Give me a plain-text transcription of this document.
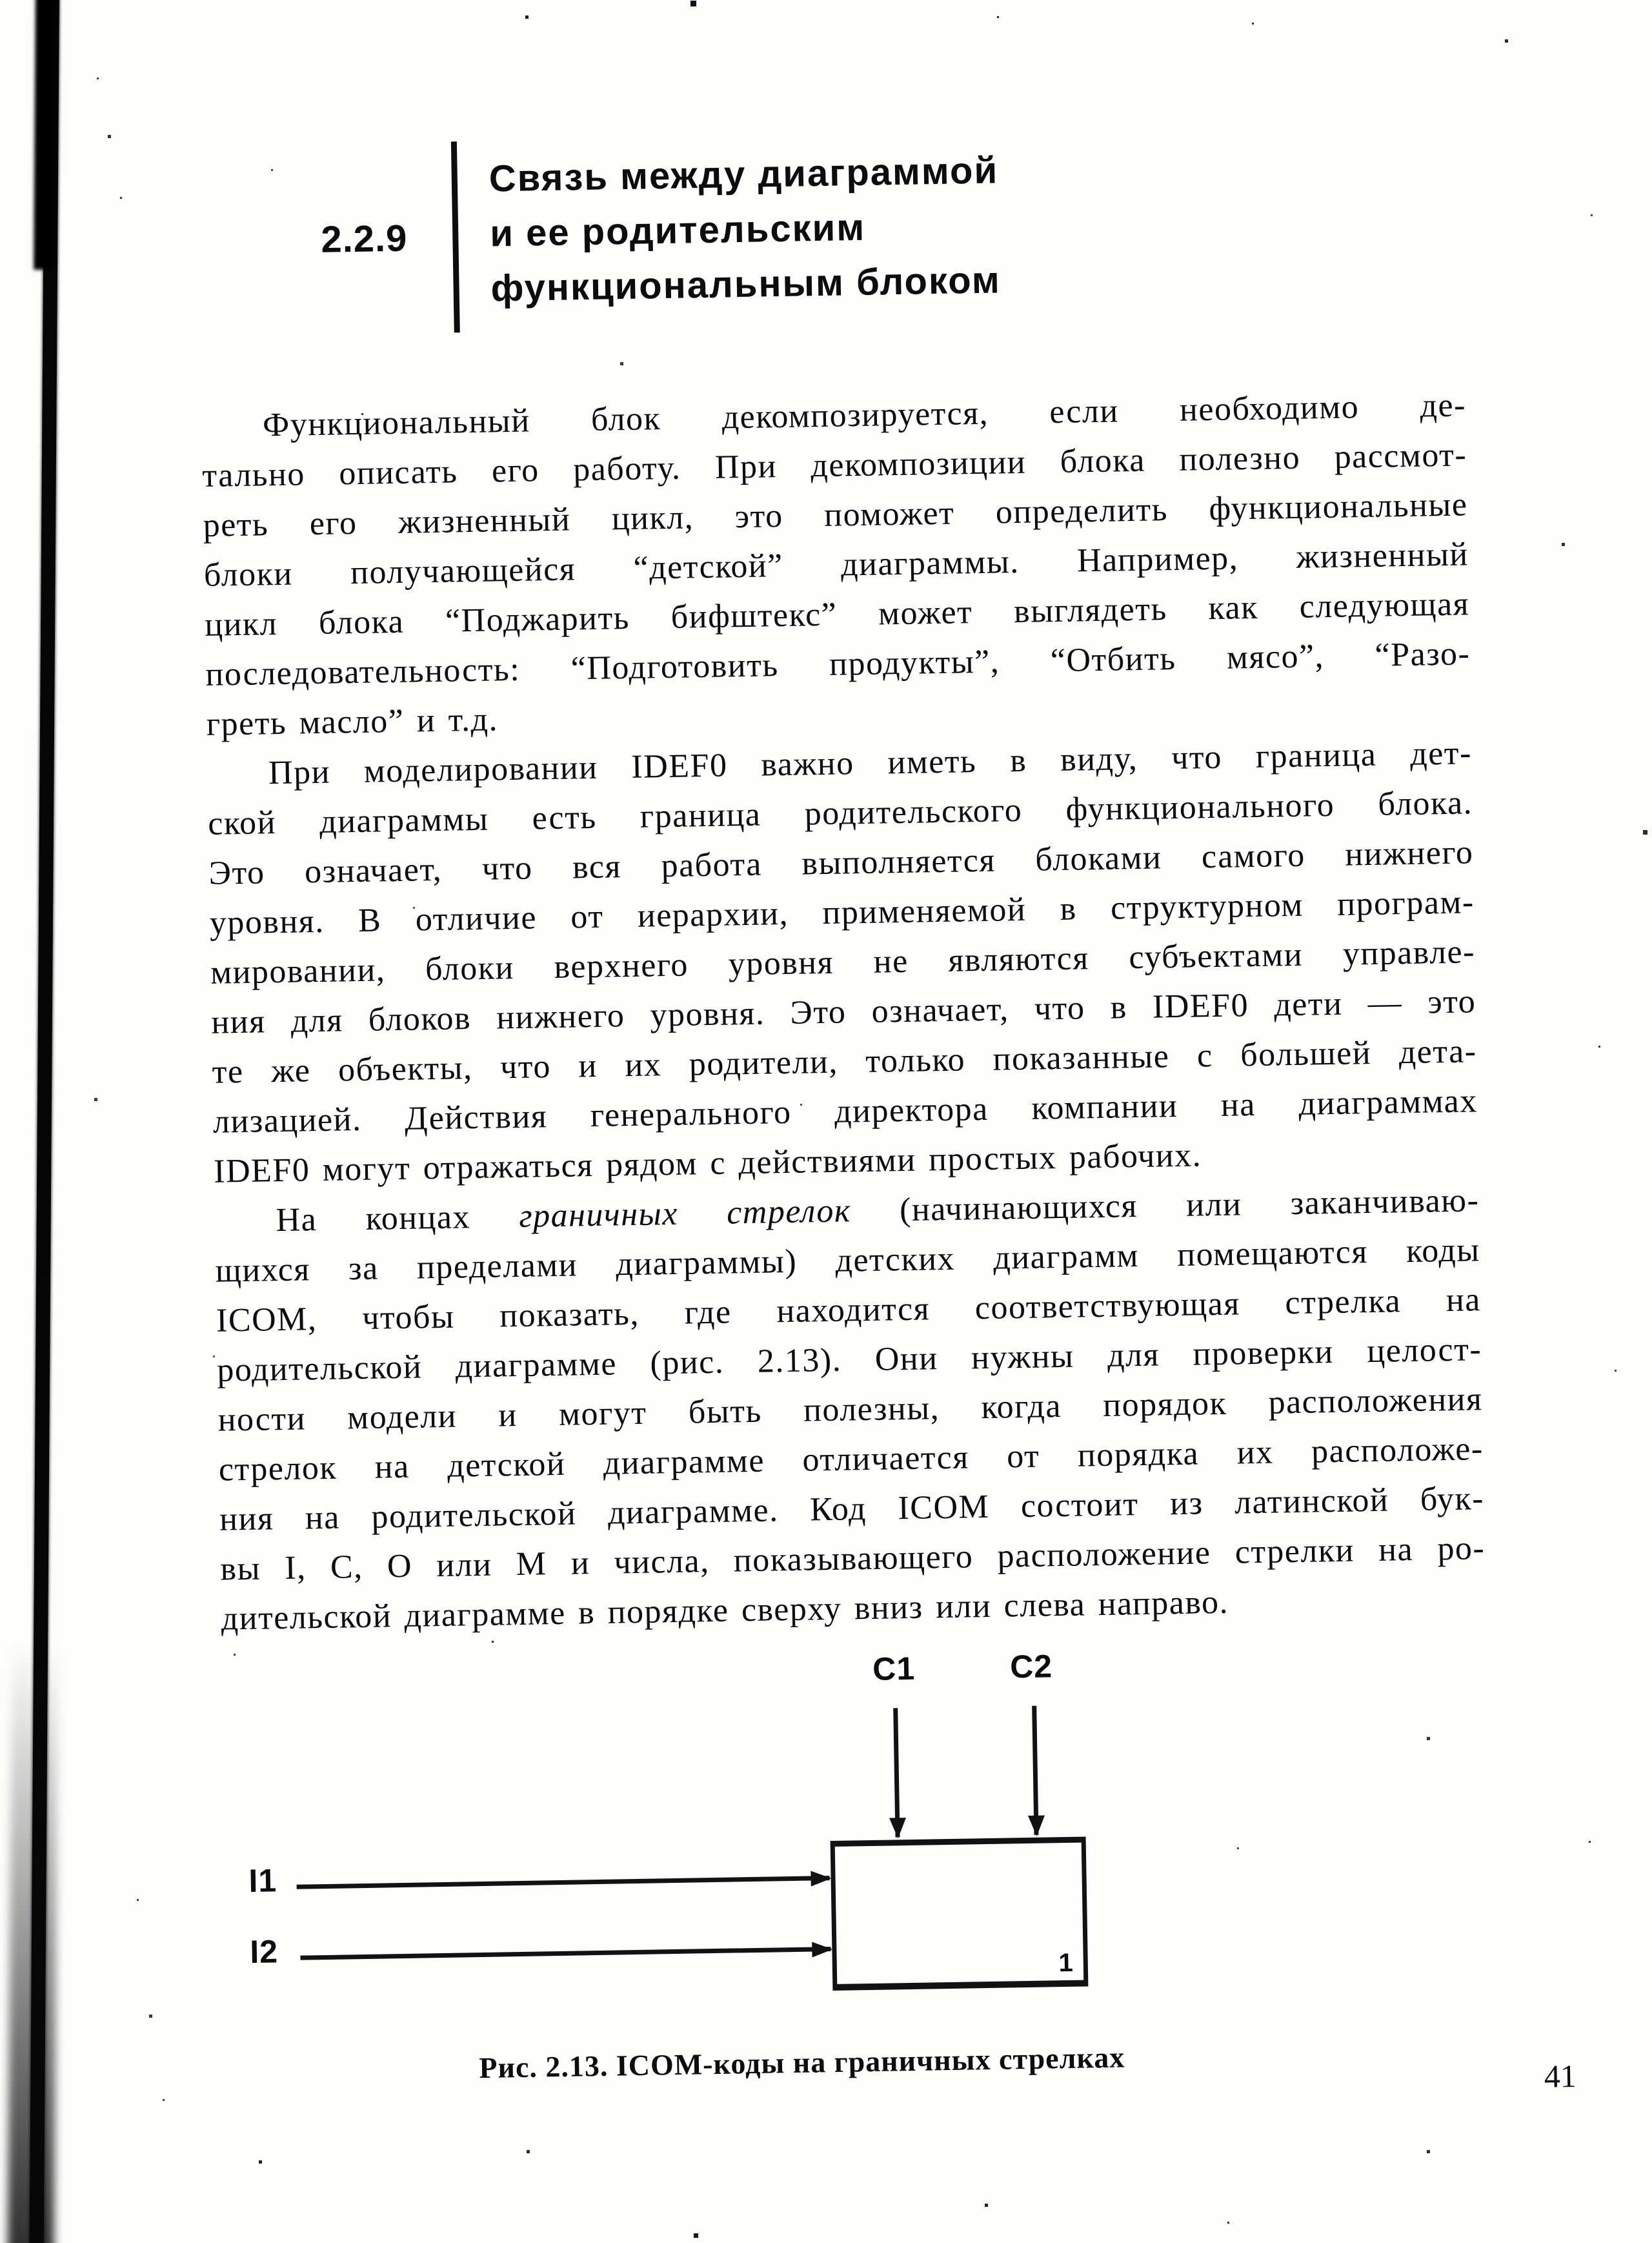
2.2.9
Связь между диаграммой
и ее родительским
функциональным блоком
Функциональный блок декомпозируется, если необходимо де-
тально описать его работу. При декомпозиции блока полезно рассмот-
реть его жизненный цикл, это поможет определить функциональные
блоки получающейся “детской” диаграммы. Например, жизненный
цикл блока “Поджарить бифштекс” может выглядеть как следующая
последовательность: “Подготовить продукты”, “Отбить мясо”, “Разо-
греть масло” и т.д.
При моделировании IDEF0 важно иметь в виду, что граница дет-
ской диаграммы есть граница родительского функционального блока.
Это означает, что вся работа выполняется блоками самого нижнего
уровня. В отличие от иерархии, применяемой в структурном програм-
мировании, блоки верхнего уровня не являются субъектами управле-
ния для блоков нижнего уровня. Это означает, что в IDEF0 дети — это
те же объекты, что и их родители, только показанные с большей дета-
лизацией. Действия генерального директора компании на диаграммах
IDEF0 могут отражаться рядом с действиями простых рабочих.
На концах граничных стрелок (начинающихся или заканчиваю-
щихся за пределами диаграммы) детских диаграмм помещаются коды
ICOM, чтобы показать, где находится соответствующая стрелка на
родительской диаграмме (рис. 2.13). Они нужны для проверки целост-
ности модели и могут быть полезны, когда порядок расположения
стрелок на детской диаграмме отличается от порядка их расположе-
ния на родительской диаграмме. Код ICOM состоит из латинской бук-
вы I, C, O или M и числа, показывающего расположение стрелки на ро-
дительской диаграмме в порядке сверху вниз или слева направо.
C1	C2
I1
I2	1
Рис. 2.13. ICOM-коды на граничных стрелках	41
